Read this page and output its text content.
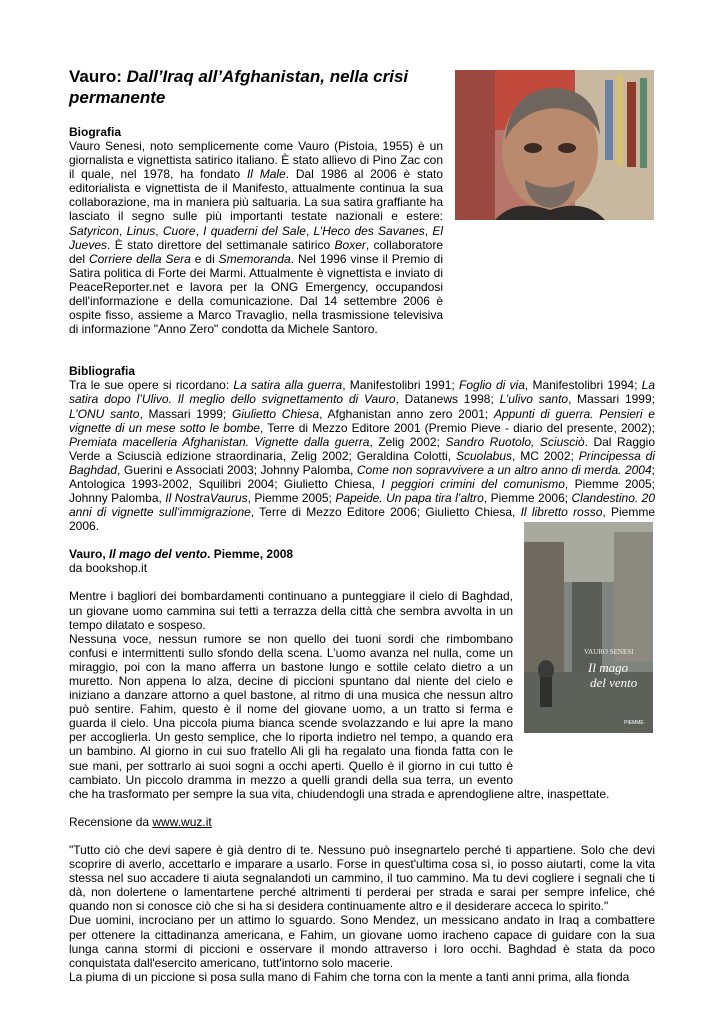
VAURO SENESI
Il mago
del vento
PIEMME
Vauro: Dall’Iraq all’Afghanistan, nella crisi permanente
Biografia

Vauro Senesi, noto semplicemente come Vauro (Pistoia, 1955) è un giornalista e vignettista satirico italiano. È stato allievo di Pino Zac con il quale, nel 1978, ha fondato Il Male. Dal 1986 al 2006 è stato editorialista e vignettista de il Manifesto, attualmente continua la sua collaborazione, ma in maniera più saltuaria. La sua satira graffiante ha lasciato il segno sulle più importanti testate nazionali e estere: Satyricon, Linus, Cuore, I quaderni del Sale, L’Heco des Savanes, El Jueves. È stato direttore del settimanale satirico Boxer, collaboratore del Corriere della Sera e di Smemoranda. Nel 1996 vinse il Premio di Satira politica di Forte dei Marmi. Attualmente è vignettista e inviato di PeaceReporter.net e lavora per la ONG Emergency, occupandosi dell'informazione e della comunicazione. Dal 14 settembre 2006 è ospite fisso, assieme a Marco Travaglio, nella trasmissione televisiva di informazione "Anno Zero" condotta da Michele Santoro.

Bibliografia

Tra le sue opere si ricordano: La satira alla guerra, Manifestolibri 1991; Foglio di via, Manifestolibri 1994; La satira dopo l’Ulivo. Il meglio dello svignettamento di Vauro, Datanews 1998; L’ulivo santo, Massari 1999; L’ONU santo, Massari 1999; Giulietto Chiesa, Afghanistan anno zero 2001; Appunti di guerra. Pensieri e vignette di un mese sotto le bombe, Terre di Mezzo Editore 2001 (Premio Pieve - diario del presente, 2002); Premiata macelleria Afghanistan. Vignette dalla guerra, Zelig 2002; Sandro Ruotolo, Sciusciò. Dal Raggio Verde a Sciuscià edizione straordinaria, Zelig 2002; Geraldina Colotti, Scuolabus, MC 2002; Principessa di Baghdad, Guerini e Associati 2003; Johnny Palomba, Come non sopravvivere a un altro anno di merda. 2004; Antologica 1993-2002, Squilibri 2004; Giulietto Chiesa, I peggiori crimini del comunismo, Piemme 2005; Johnny Palomba, Il NostraVaurus, Piemme 2005; Papeide. Un papa tira l’altro, Piemme 2006; Clandestino. 20 anni di vignette sull’immigrazione, Terre di Mezzo Editore 2006; Giulietto Chiesa, Il libretto rosso, Piemme 2006.

Vauro, Il mago del vento. Piemme, 2008

da bookshop.it

Mentre i bagliori dei bombardamenti continuano a punteggiare il cielo di Baghdad, un giovane uomo cammina sui tetti a terrazza della città che sembra avvolta in un tempo dilatato e sospeso.

Nessuna voce, nessun rumore se non quello dei tuoni sordi che rimbombano confusi e intermittenti sullo sfondo della scena. L’uomo avanza nel nulla, come un miraggio, poi con la mano afferra un bastone lungo e sottile celato dietro a un muretto. Non appena lo alza, decine di piccioni spuntano dal niente del cielo e iniziano a danzare attorno a quel bastone, al ritmo di una musica che nessun altro può sentire. Fahim, questo è il nome del giovane uomo, a un tratto si ferma e guarda il cielo. Una piccola piuma bianca scende svolazzando e lui apre la mano per accoglierla. Un gesto semplice, che lo riporta indietro nel tempo, a quando era un bambino. Al giorno in cui suo fratello Ali gli ha regalato una fionda fatta con le sue mani, per sottrarlo ai suoi sogni a occhi aperti. Quello è il giorno in cui tutto è cambiato. Un piccolo dramma in mezzo a quelli grandi della sua terra, un evento che ha trasformato per sempre la sua vita, chiudendogli una strada e aprendogliene altre, inaspettate.

Recensione da www.wuz.it

"Tutto ciò che devi sapere è già dentro di te. Nessuno può insegnartelo perché ti appartiene. Solo che devi scoprire di averlo, accettarlo e imparare a usarlo. Forse in quest'ultima cosa sì, io posso aiutarti, come la vita stessa nel suo accadere ti aiuta segnalandoti un cammino, il tuo cammino. Ma tu devi cogliere i segnali che ti dà, non dolertene o lamentartene perché altrimenti ti perderai per strada e sarai per sempre infelice, ché quando non si conosce ciò che si ha si desidera continuamente altro e il desiderare acceca lo spirito."

Due uomini, incrociano per un attimo lo sguardo. Sono Mendez, un messicano andato in Iraq a combattere per ottenere la cittadinanza americana, e Fahim, un giovane uomo iracheno capace di guidare con la sua lunga canna stormi di piccioni e osservare il mondo attraverso i loro occhi. Baghdad è stata da poco conquistata dall'esercito americano, tutt'intorno solo macerie.

La piuma di un piccione si posa sulla mano di Fahim che torna con la mente a tanti anni prima, alla fionda
